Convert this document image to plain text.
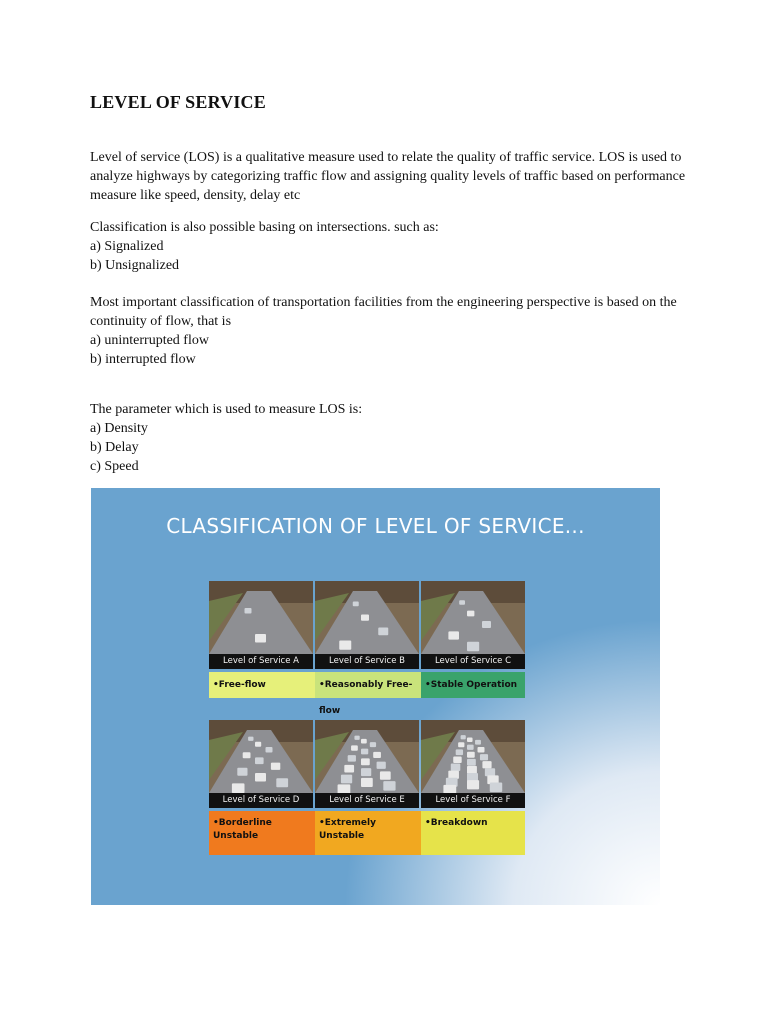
LEVEL OF SERVICE

Level of service (LOS) is a qualitative measure used to relate the quality of traffic service. LOS is used to
analyze highways by categorizing traffic flow and assigning quality levels of traffic based on performance
measure like speed, density, delay etc

Classification is also possible basing on intersections. such as:
a) Signalized
b) Unsignalized

Most important classification of transportation facilities from the engineering perspective is based on the
continuity of flow, that is
a) uninterrupted flow
b) interrupted flow

The parameter which is used to measure LOS is:
a) Density
b) Delay
c) Speed

CLASSIFICATION OF LEVEL OF SERVICE...
Level of Service A
•Free-flow
Level of Service B
•Reasonably Free-flow
Level of Service C
•Stable Operation
Level of Service D
•Borderline Unstable
Level of Service E
•Extremely Unstable
Level of Service F
•Breakdown
